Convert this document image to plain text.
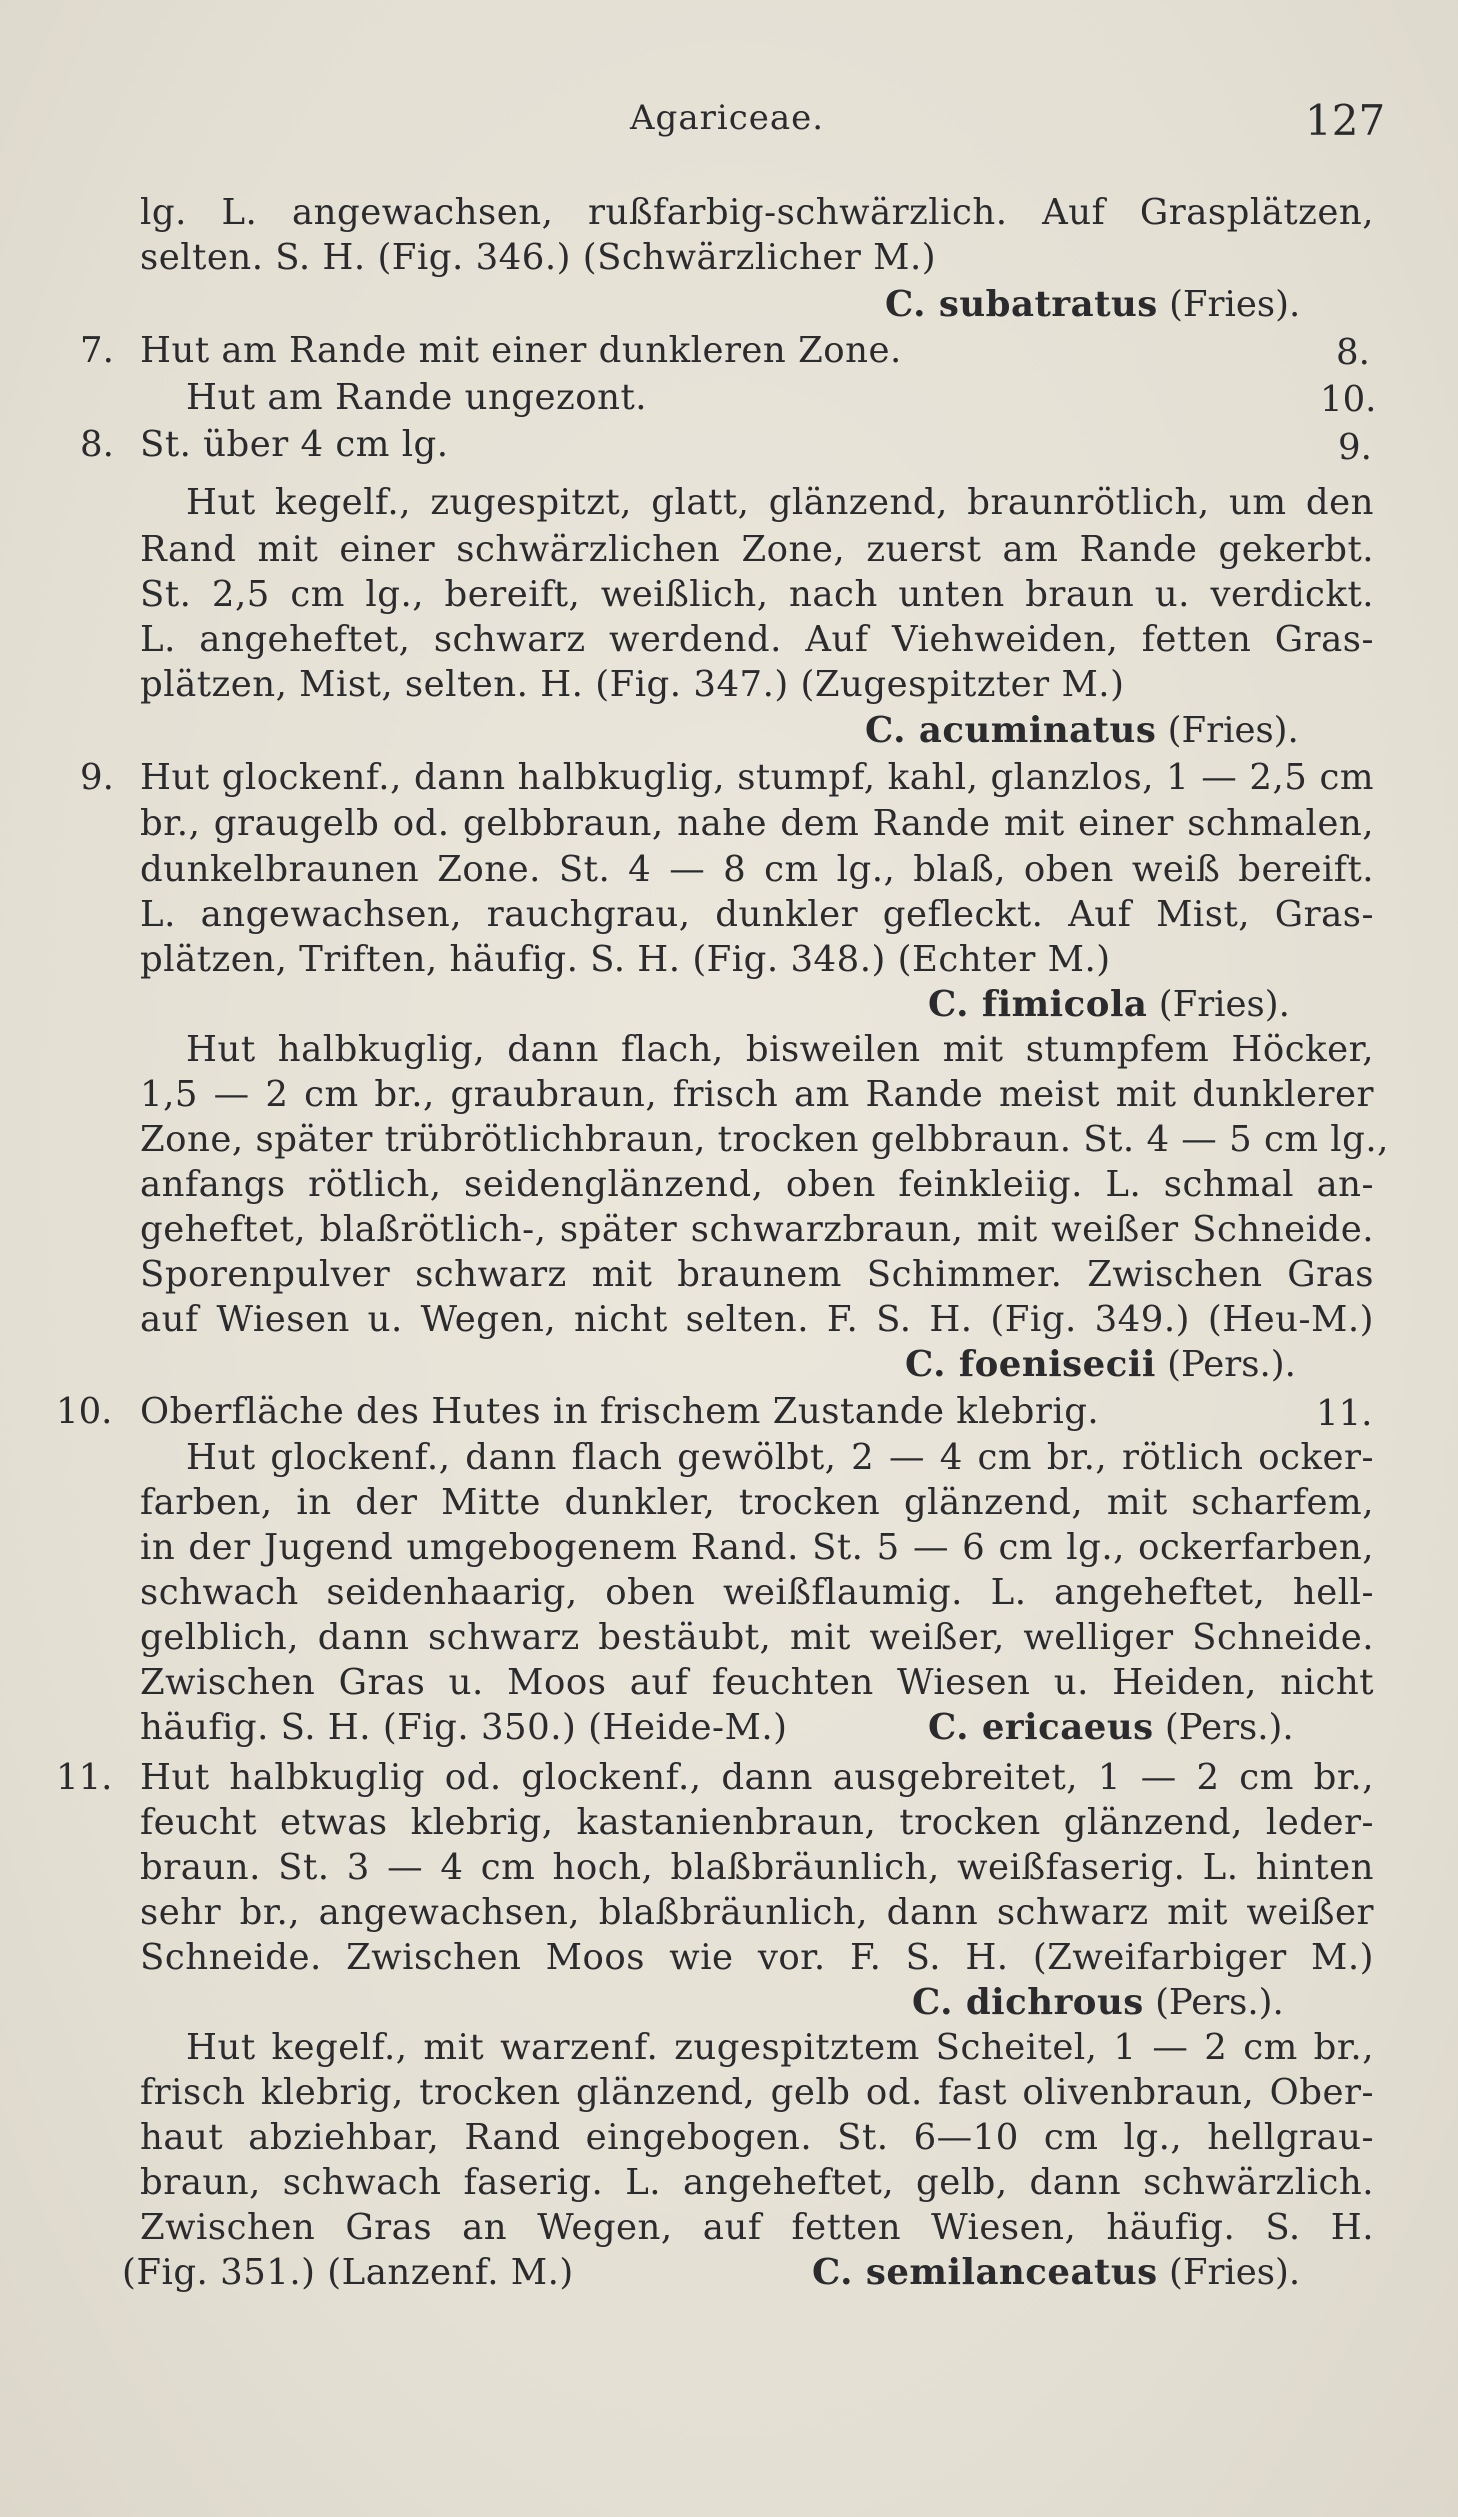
Agariceae.	127
lg. L. angewachsen, rußfarbig-schwärzlich. Auf Grasplätzen,
selten. S. H. (Fig. 346.) (Schwärzlicher M.)
Hut am Rande mit einer dunkleren Zone.
Hut am Rande ungezont.
St. über 4 cm lg.
Hut kegelf., zugespitzt, glatt, glänzend, braunrötlich, um den
Rand mit einer schwärzlichen Zone, zuerst am Rande gekerbt.
St. 2,5 cm lg., bereift, weißlich, nach unten braun u. verdickt.
L. angeheftet, schwarz werdend. Auf Viehweiden, fetten Gras-
plätzen, Mist, selten. H. (Fig. 347.) (Zugespitzter M.)
Hut glockenf., dann halbkuglig, stumpf, kahl, glanzlos, 1 — 2,5 cm
br., graugelb od. gelbbraun, nahe dem Rande mit einer schmalen,
dunkelbraunen Zone. St. 4 — 8 cm lg., blaß, oben weiß bereift.
L. angewachsen, rauchgrau, dunkler gefleckt. Auf Mist, Gras-
plätzen, Triften, häufig. S. H. (Fig. 348.) (Echter M.)
Hut halbkuglig, dann flach, bisweilen mit stumpfem Höcker,
1,5 — 2 cm br., graubraun, frisch am Rande meist mit dunklerer
Zone, später trübrötlichbraun, trocken gelbbraun. St. 4 — 5 cm lg.,
anfangs rötlich, seidenglänzend, oben feinkleiig. L. schmal an-
geheftet, blaßrötlich-, später schwarzbraun, mit weißer Schneide.
Sporenpulver schwarz mit braunem Schimmer. Zwischen Gras
auf Wiesen u. Wegen, nicht selten. F. S. H. (Fig. 349.) (Heu-M.)
Oberfläche des Hutes in frischem Zustande klebrig.
Hut glockenf., dann flach gewölbt, 2 — 4 cm br., rötlich ocker-
farben, in der Mitte dunkler, trocken glänzend, mit scharfem,
in der Jugend umgebogenem Rand. St. 5 — 6 cm lg., ockerfarben,
schwach seidenhaarig, oben weißflaumig. L. angeheftet, hell-
gelblich, dann schwarz bestäubt, mit weißer, welliger Schneide.
Zwischen Gras u. Moos auf feuchten Wiesen u. Heiden, nicht
häufig. S. H. (Fig. 350.) (Heide-M.)
Hut halbkuglig od. glockenf., dann ausgebreitet, 1 — 2 cm br.,
feucht etwas klebrig, kastanienbraun, trocken glänzend, leder-
braun. St. 3 — 4 cm hoch, blaßbräunlich, weißfaserig. L. hinten
sehr br., angewachsen, blaßbräunlich, dann schwarz mit weißer
Schneide. Zwischen Moos wie vor. F. S. H. (Zweifarbiger M.)
Hut kegelf., mit warzenf. zugespitztem Scheitel, 1 — 2 cm br.,
frisch klebrig, trocken glänzend, gelb od. fast olivenbraun, Ober-
haut abziehbar, Rand eingebogen. St. 6—10 cm lg., hellgrau-
braun, schwach faserig. L. angeheftet, gelb, dann schwärzlich.
Zwischen Gras an Wegen, auf fetten Wiesen, häufig. S. H.
(Fig. 351.) (Lanzenf. M.)
7.
8.
9.
10.
11.
8.
10.
9.
11.
C. subatratus (Fries).
C. acuminatus (Fries).
C. fimicola (Fries).
C. foenisecii (Pers.).
C. ericaeus (Pers.).
C. dichrous (Pers.).
C. semilanceatus (Fries).
